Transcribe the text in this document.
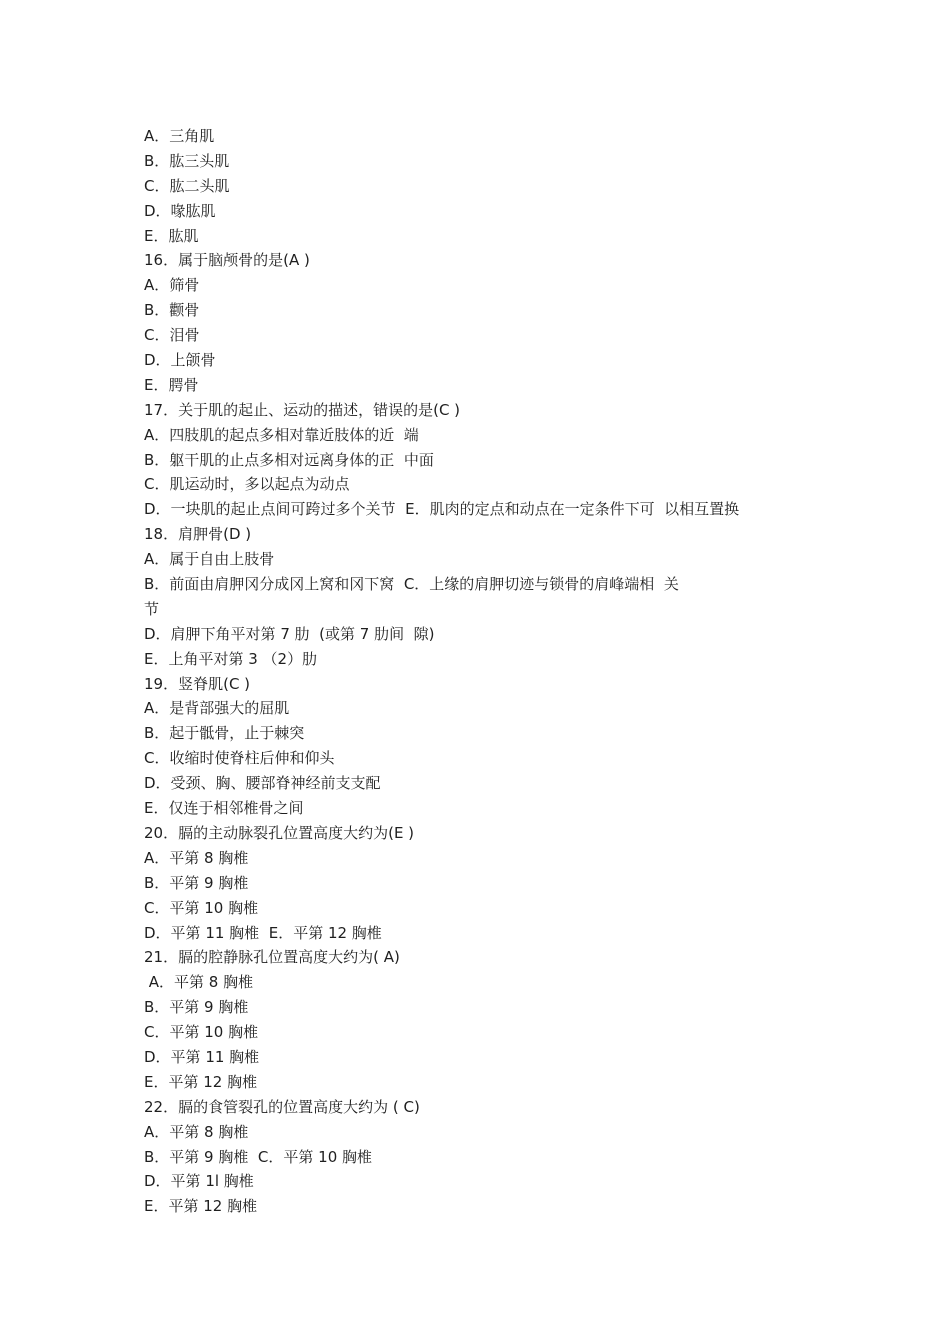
A．三角肌
B．肱三头肌
C．肱二头肌
D．喙肱肌
E．肱肌
16．属于脑颅骨的是(A )
A．筛骨
B．颧骨
C．泪骨
D．上颌骨
E．腭骨
17．关于肌的起止、运动的描述，错误的是(C )
A．四肢肌的起点多相对靠近肢体的近  端
B．躯干肌的止点多相对远离身体的正  中面
C．肌运动时，多以起点为动点
D．一块肌的起止点间可跨过多个关节  E．肌肉的定点和动点在一定条件下可  以相互置换
18．肩胛骨(D )
A．属于自由上肢骨
B．前面由肩胛冈分成冈上窝和冈下窝  C．上缘的肩胛切迹与锁骨的肩峰端相  关
节
D．肩胛下角平对第 7 肋  (或第 7 肋间  隙)
E．上角平对第 3 （2）肋
19．竖脊肌(C )
A．是背部强大的屈肌
B．起于骶骨，止于棘突
C．收缩时使脊柱后伸和仰头
D．受颈、胸、腰部脊神经前支支配
E．仅连于相邻椎骨之间
20．膈的主动脉裂孔位置高度大约为(E )
A．平第 8 胸椎
B．平第 9 胸椎
C．平第 10 胸椎
D．平第 11 胸椎  E．平第 12 胸椎
21．膈的腔静脉孔位置高度大约为( A)
A．平第 8 胸椎
B．平第 9 胸椎
C．平第 10 胸椎
D．平第 11 胸椎
E．平第 12 胸椎
22．膈的食管裂孔的位置高度大约为 ( C)
A．平第 8 胸椎
B．平第 9 胸椎  C．平第 10 胸椎
D．平第 1l 胸椎
E．平第 12 胸椎
